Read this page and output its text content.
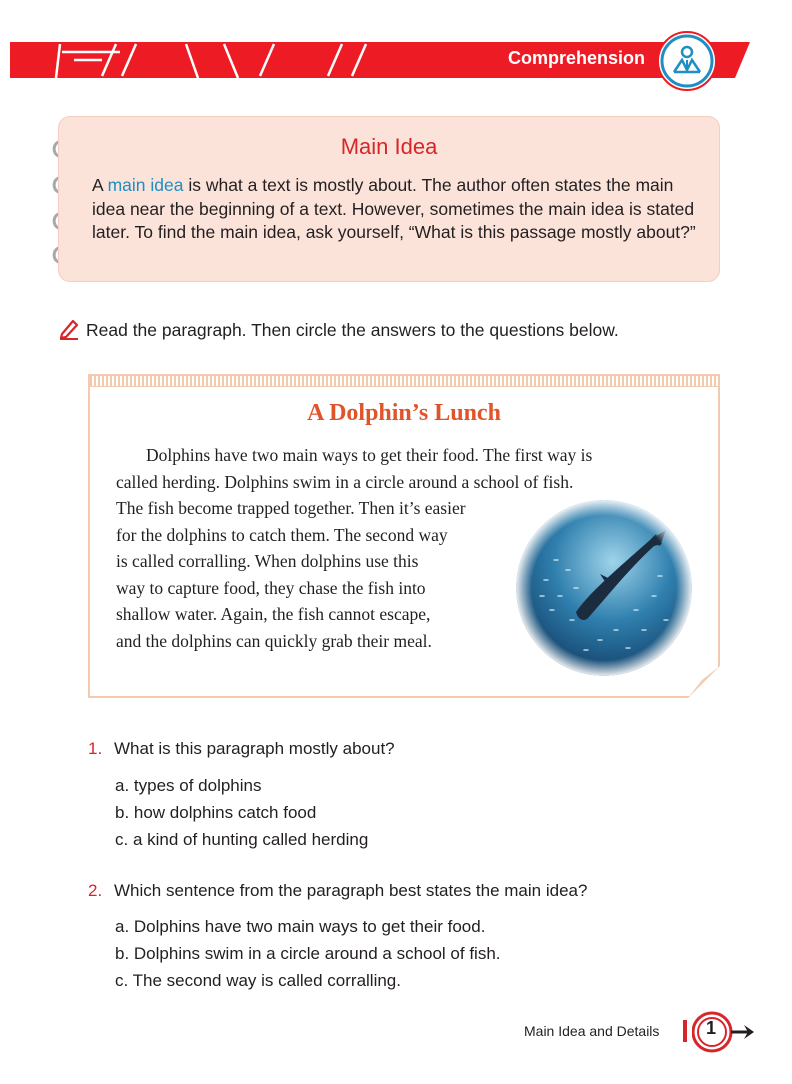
Comprehension
Main Idea
A main idea is what a text is mostly about. The author often states the main idea near the beginning of a text. However, sometimes the main idea is stated later. To find the main idea, ask yourself, “What is this passage mostly about?”
Read the paragraph. Then circle the answers to the questions below.
A Dolphin’s Lunch
Dolphins have two main ways to get their food. The first way is
called herding. Dolphins swim in a circle around a school of fish.
The fish become trapped together. Then it’s easier
for the dolphins to catch them. The second way
is called corralling. When dolphins use this
way to capture food, they chase the fish into
shallow water. Again, the fish cannot escape,
and the dolphins can quickly grab their meal.
1. What is this paragraph mostly about?
a. types of dolphins
b. how dolphins catch food
c. a kind of hunting called herding
2. Which sentence from the paragraph best states the main idea?
a. Dolphins have two main ways to get their food.
b. Dolphins swim in a circle around a school of fish.
c. The second way is called corralling.
Main Idea and Details	1
